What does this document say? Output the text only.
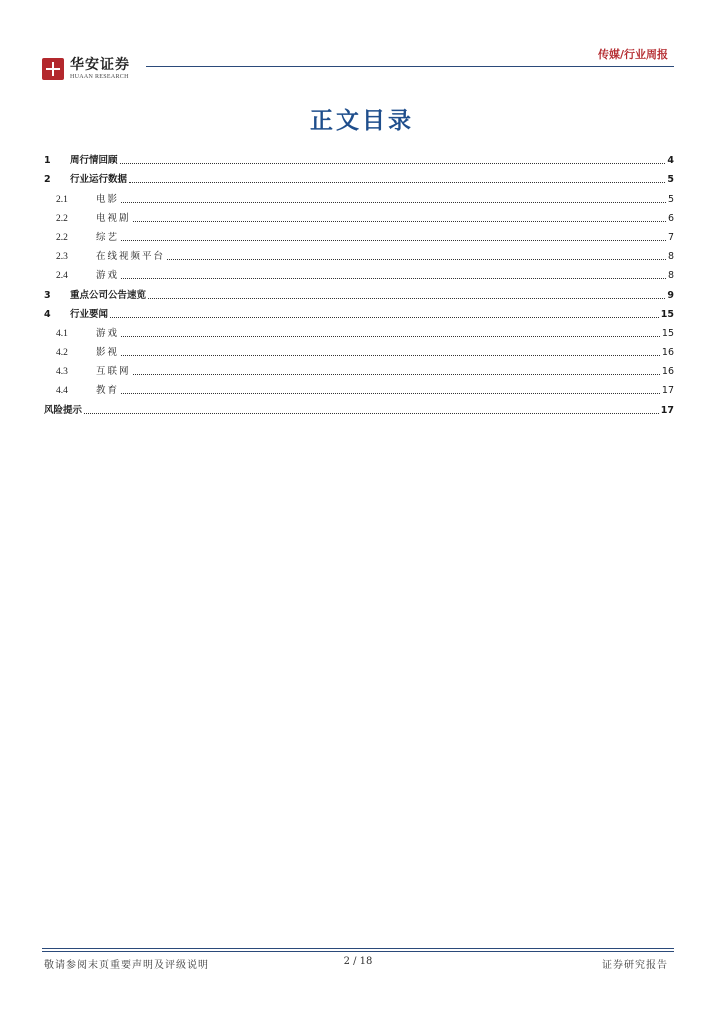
华安证券
HUAAN RESEARCH
传媒/行业周报
正文目录
1	周行情回顾	4
2	行业运行数据	5
2.1	电影	5
2.2	电视剧	6
2.2	综艺	7
2.3	在线视频平台	8
2.4	游戏	8
3	重点公司公告速览	9
4	行业要闻	15
4.1	游戏	15
4.2	影视	16
4.3	互联网	16
4.4	教育	17
风险提示	17
敬请参阅末页重要声明及评级说明	2 / 18	证券研究报告
